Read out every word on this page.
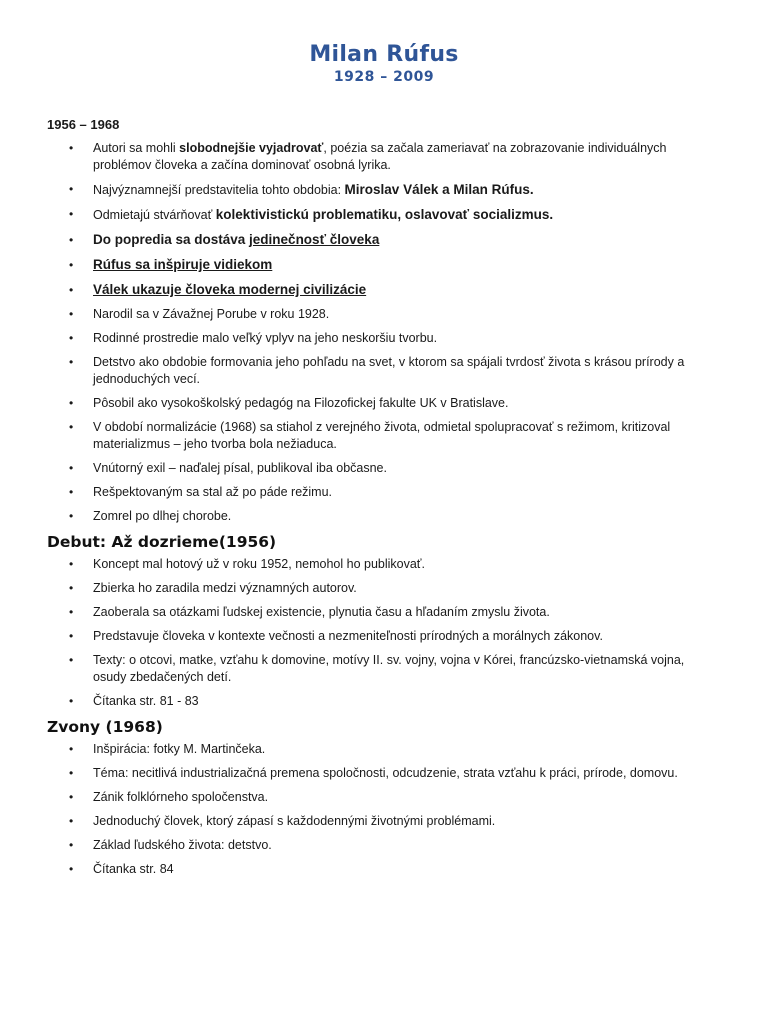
Milan Rúfus
1928 – 2009
1956 – 1968
• Autori sa mohli slobodnejšie vyjadrovať, poézia sa začala zameriavať na zobrazovanie individuálnych problémov človeka a začína dominovať osobná lyrika.
• Najvýznamnejší predstavitelia tohto obdobia: Miroslav Válek a Milan Rúfus.
• Odmietajú stvárňovať kolektivistickú problematiku, oslavovať socializmus.
• Do popredia sa dostáva jedinečnosť človeka
• Rúfus sa inšpiruje vidiekom
• Válek ukazuje človeka modernej civilizácie
• Narodil sa v Závažnej Porube v roku 1928.
• Rodinné prostredie malo veľký vplyv na jeho neskoršiu tvorbu.
• Detstvo ako obdobie formovania jeho pohľadu na svet, v ktorom sa spájali tvrdosť života s krásou prírody a jednoduchých vecí.
• Pôsobil ako vysokoškolský pedagóg na Filozofickej fakulte UK v Bratislave.
• V období normalizácie (1968) sa stiahol z verejného života, odmietal spolupracovať s režimom, kritizoval materializmus – jeho tvorba bola nežiaduca.
• Vnútorný exil – naďalej písal, publikoval iba občasne.
• Rešpektovaným sa stal až po páde režimu.
• Zomrel po dlhej chorobe.
Debut: Až dozrieme(1956)
• Koncept mal hotový už v roku 1952, nemohol ho publikovať.
• Zbierka ho zaradila medzi významných autorov.
• Zaoberala sa otázkami ľudskej existencie, plynutia času a hľadaním zmyslu života.
• Predstavuje človeka v kontexte večnosti a nezmeniteľnosti prírodných a morálnych zákonov.
• Texty: o otcovi, matke, vzťahu k domovine, motívy II. sv. vojny, vojna v Kórei, francúzsko-vietnamská vojna, osudy zbedačených detí.
• Čítanka str. 81 - 83
Zvony (1968)
• Inšpirácia: fotky M. Martinčeka.
• Téma: necitlivá industrializačná premena spoločnosti, odcudzenie, strata vzťahu k práci, prírode, domovu.
• Zánik folklórneho spoločenstva.
• Jednoduchý človek, ktorý zápasí s každodennými životnými problémami.
• Základ ľudského života: detstvo.
• Čítanka str. 84
